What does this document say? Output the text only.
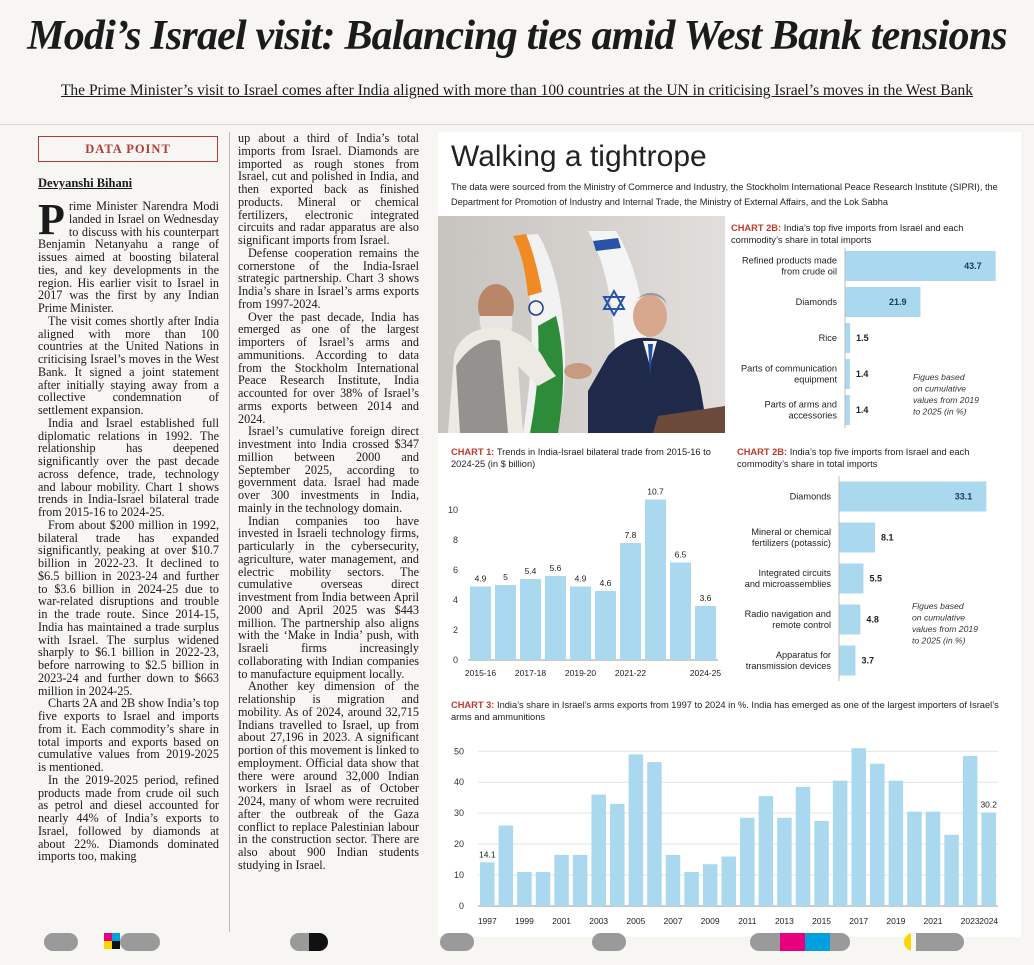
Modi’s Israel visit: Balancing ties amid West Bank tensions
The Prime Minister’s visit to Israel comes after India aligned with more than 100 countries at the UN in criticising Israel’s moves in the West Bank
DATA POINT
Devyanshi Bihani

Prime Minister Narendra Modi landed in Israel on Wednesday to discuss with his counterpart Benjamin Netanyahu a range of issues aimed at boosting bilateral ties, and key developments in the region. His earlier visit to Israel in 2017 was the first by any Indian Prime Minister.

The visit comes shortly after India aligned with more than 100 countries at the United Nations in criticising Israel’s moves in the West Bank. It signed a joint statement after initially staying away from a collective condemnation of settlement expansion.

India and Israel established full diplomatic relations in 1992. The relationship has deepened significantly over the past decade across defence, trade, technology and labour mobility. Chart 1 shows trends in India-Israel bilateral trade from 2015-16 to 2024-25.

From about $200 million in 1992, bilateral trade has expanded significantly, peaking at over $10.7 billion in 2022-23. It declined to $6.5 billion in 2023-24 and further to $3.6 billion in 2024-25 due to war-related disruptions and trouble in the trade route. Since 2014-15, India has maintained a trade surplus with Israel. The surplus widened sharply to $6.1 billion in 2022-23, before narrowing to $2.5 billion in 2023-24 and further down to $663 million in 2024-25.

Charts 2A and 2B show India’s top five exports to Israel and imports from it. Each commodity’s share in total imports and exports based on cumulative values from 2019-2025 is mentioned.

In the 2019-2025 period, refined products made from crude oil such as petrol and diesel accounted for nearly 44% of India’s exports to Israel, followed by diamonds at about 22%. Diamonds dominated imports too, making

up about a third of India’s total imports from Israel. Diamonds are imported as rough stones from Israel, cut and polished in India, and then exported back as finished products. Mineral or chemical fertilizers, electronic integrated circuits and radar apparatus are also significant imports from Israel.

Defense cooperation remains the cornerstone of the India-Israel strategic partnership. Chart 3 shows India’s share in Israel’s arms exports from 1997-2024.

Over the past decade, India has emerged as one of the largest importers of Israel’s arms and ammunitions. According to data from the Stockholm International Peace Research Institute, India accounted for over 38% of Israel’s arms exports between 2014 and 2024.

Israel’s cumulative foreign direct investment into India crossed $347 million between 2000 and September 2025, according to government data. Israel had made over 300 investments in India, mainly in the technology domain.

Indian companies too have invested in Israeli technology firms, particularly in the cybersecurity, agriculture, water management, and electric mobility sectors. The cumulative overseas direct investment from India between April 2000 and April 2025 was $443 million. The partnership also aligns with the ‘Make in India’ push, with Israeli firms increasingly collaborating with Indian companies to manufacture equipment locally.

Another key dimension of the relationship is migration and mobility. As of 2024, around 32,715 Indians travelled to Israel, up from about 27,196 in 2023. A significant portion of this movement is linked to employment. Official data show that there were around 32,000 Indian workers in Israel as of October 2024, many of whom were recruited after the outbreak of the Gaza conflict to replace Palestinian labour in the construction sector. There are also about 900 Indian students studying in Israel.

Walking a tightrope
The data were sourced from the Ministry of Commerce and Industry, the Stockholm International Peace Research Institute (SIPRI), the Department for Promotion of Industry and Internal Trade, the Ministry of External Affairs, and the Lok Sabha
CHART 2B: India’s top five imports from Israel and each commodity’s share in total imports
Refined products made
from crude oil
43.7
Diamonds	21.9
Rice 1.5
Parts of communication
equipment
1.4
Parts of arms and
accessories
1.4
Figues based
on cumulative
values from 2019
to 2025 (in %)
CHART 1: Trends in India-Israel bilateral trade from 2015-16 to 2024-25 (in $ billion)
0
2
4
6
8
10
4.9
2015-16
5
5.4
2017-18
5.6
4.9
2019-20
4.6
7.8
2021-22
10.7
6.5
3.6
2024-25
CHART 2B: India’s top five imports from Israel and each commodity’s share in total imports
Diamonds	33.1
Mineral or chemical
fertilizers (potassic)
8.1
Integrated circuits
and microassemblies
5.5
Radio navigation and
remote control
4.8
Apparatus for
transmission devices
3.7
Figues based
on cumulative
values from 2019
to 2025 (in %)
CHART 3: India’s share in Israel’s arms exports from 1997 to 2024 in %. India has emerged as one of the largest importers of Israel’s arms and ammunitions
0
10
20
30
40
50
14.1
1997 1999 2001 2003 2005 2007 2009 2011 2013 2015 2017 2019 2021 2023
30.2
2024
